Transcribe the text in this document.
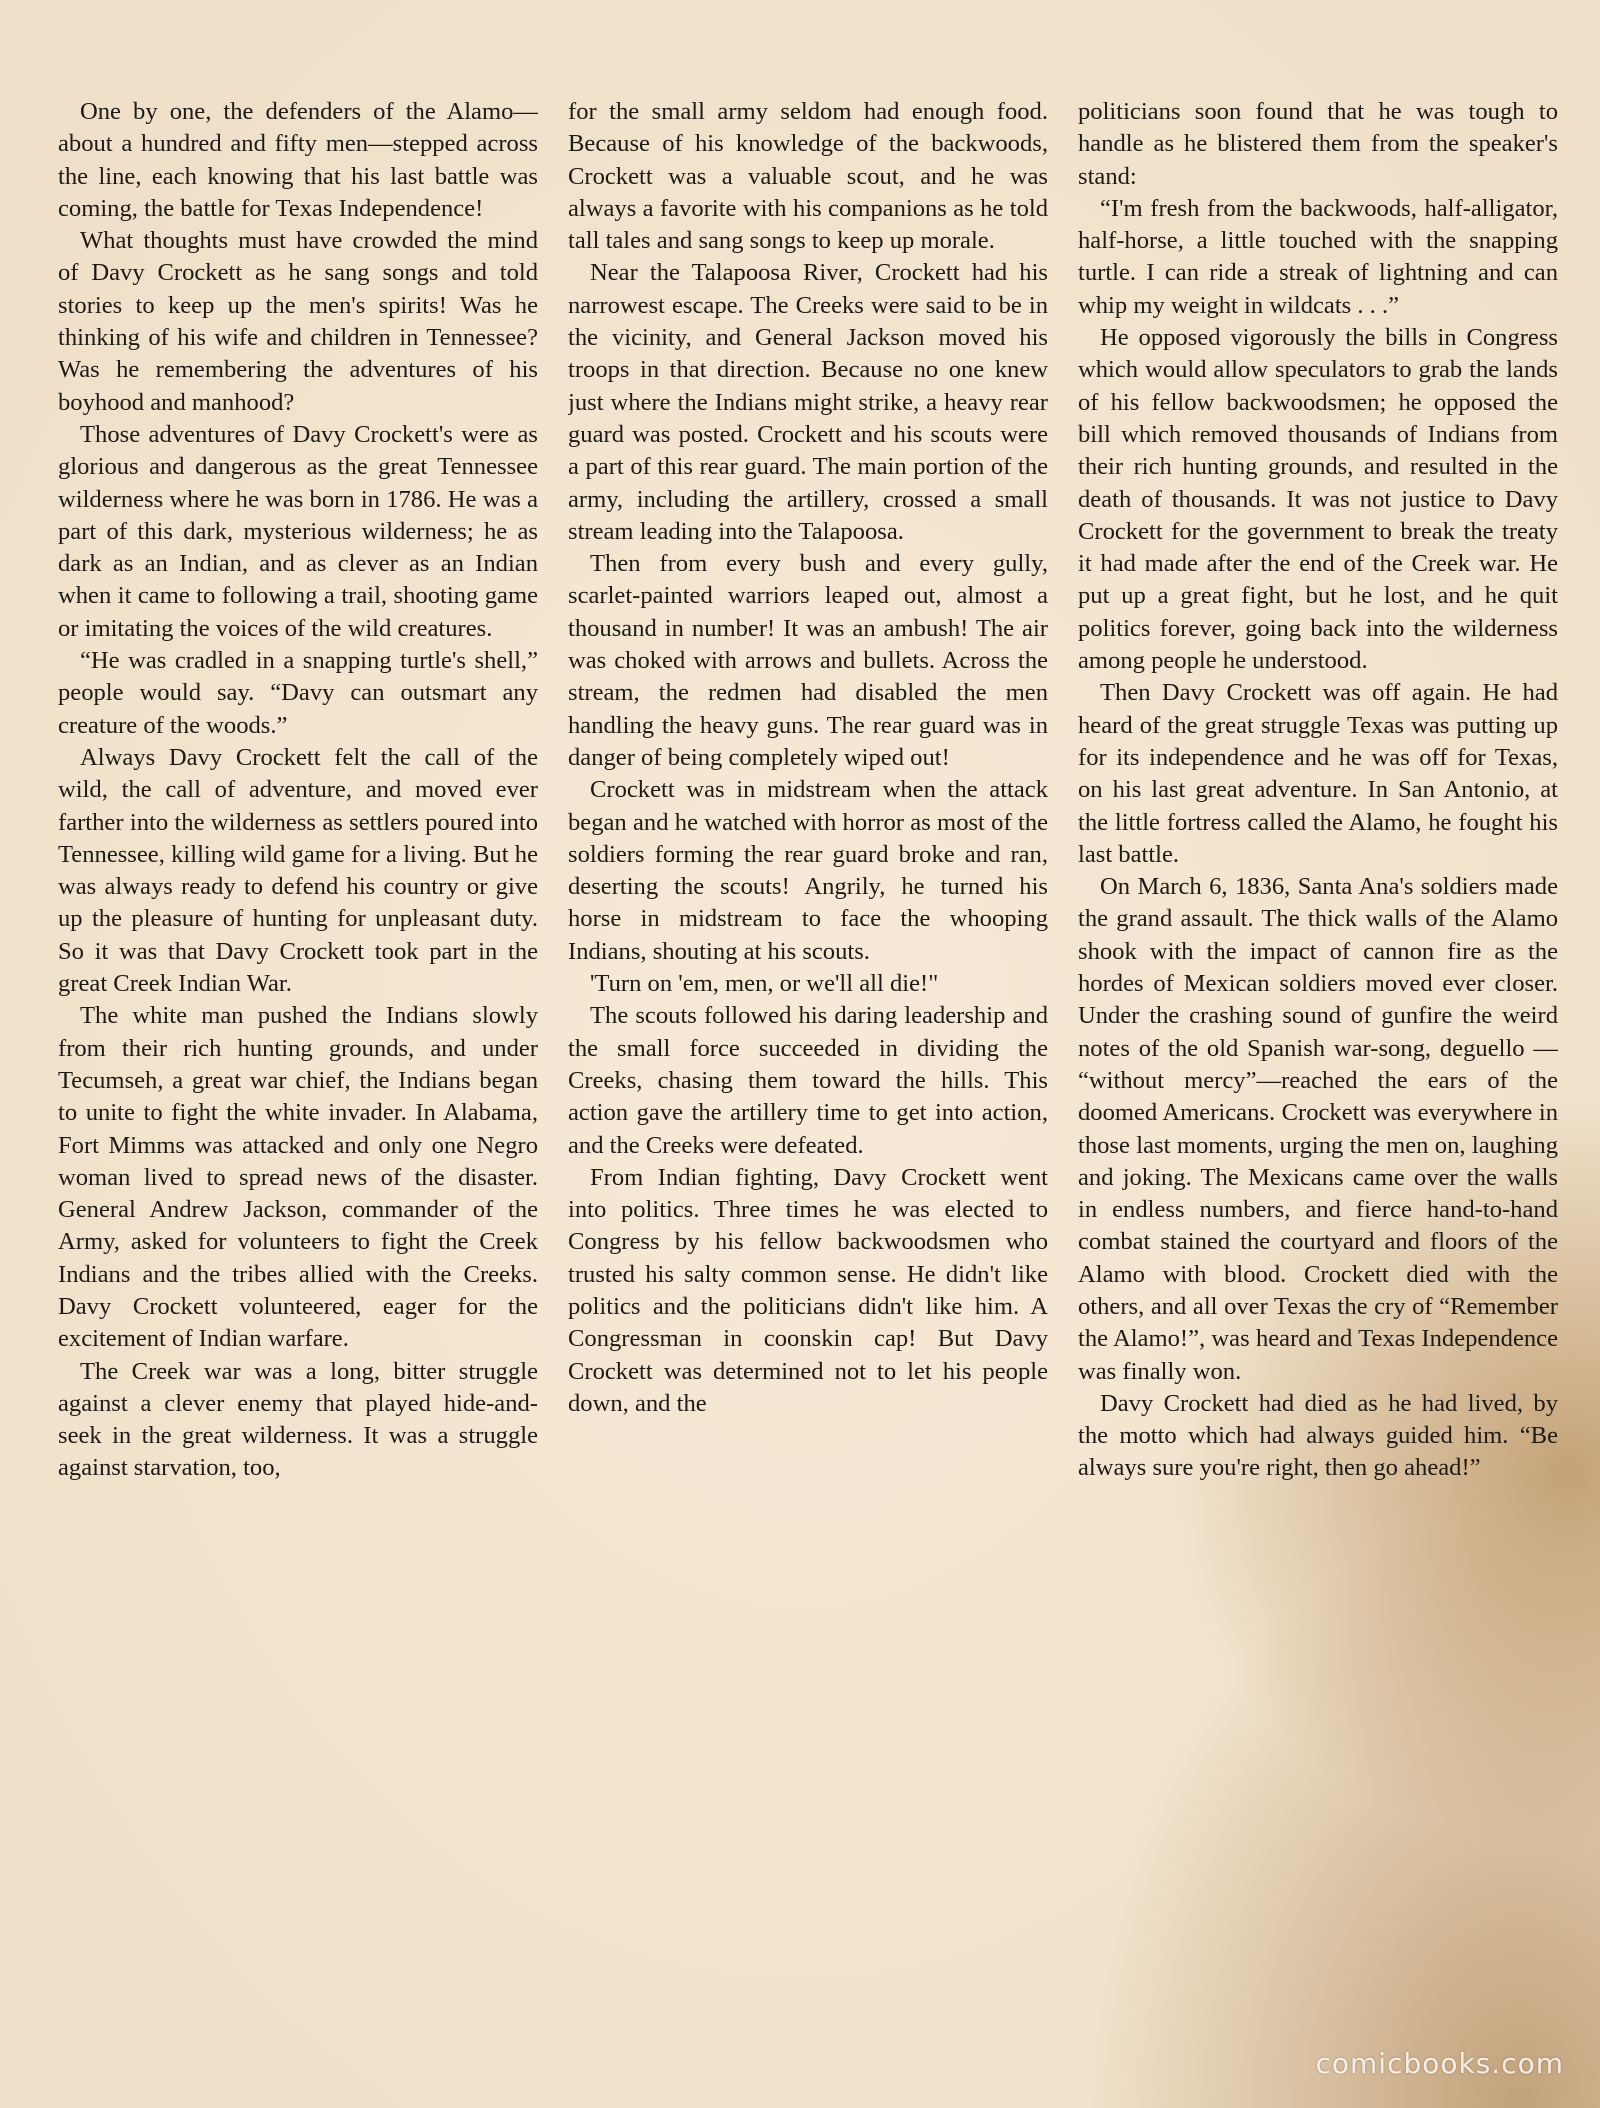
One by one, the defenders of the Alamo—about a hundred and fifty men—stepped across the line, each knowing that his last battle was coming, the battle for Texas Independence!

What thoughts must have crowded the mind of Davy Crockett as he sang songs and told stories to keep up the men's spirits! Was he thinking of his wife and children in Tennessee? Was he remembering the adventures of his boyhood and manhood?

Those adventures of Davy Crockett's were as glorious and dangerous as the great Tennessee wilderness where he was born in 1786. He was a part of this dark, mysterious wilderness; he as dark as an Indian, and as clever as an Indian when it came to following a trail, shooting game or imitating the voices of the wild creatures.

“He was cradled in a snapping turtle's shell,” people would say. “Davy can outsmart any creature of the woods.”

Always Davy Crockett felt the call of the wild, the call of adventure, and moved ever farther into the wilderness as settlers poured into Tennessee, killing wild game for a living. But he was always ready to defend his country or give up the pleasure of hunting for unpleasant duty. So it was that Davy Crockett took part in the great Creek Indian War.

The white man pushed the Indians slowly from their rich hunting grounds, and under Tecumseh, a great war chief, the Indians began to unite to fight the white invader. In Alabama, Fort Mimms was attacked and only one Negro woman lived to spread news of the disaster. General Andrew Jackson, commander of the Army, asked for volunteers to fight the Creek Indians and the tribes allied with the Creeks. Davy Crockett volunteered, eager for the excitement of Indian warfare.

The Creek war was a long, bitter struggle against a clever enemy that played hide-and-seek in the great wilderness. It was a struggle against starvation, too,

for the small army seldom had enough food. Because of his knowledge of the backwoods, Crockett was a valuable scout, and he was always a favorite with his companions as he told tall tales and sang songs to keep up morale.

Near the Talapoosa River, Crockett had his narrowest escape. The Creeks were said to be in the vicinity, and General Jackson moved his troops in that direction. Because no one knew just where the Indians might strike, a heavy rear guard was posted. Crockett and his scouts were a part of this rear guard. The main portion of the army, including the artillery, crossed a small stream leading into the Talapoosa.

Then from every bush and every gully, scarlet-painted warriors leaped out, almost a thousand in number! It was an ambush! The air was choked with arrows and bullets. Across the stream, the redmen had disabled the men handling the heavy guns. The rear guard was in danger of being completely wiped out!

Crockett was in midstream when the attack began and he watched with horror as most of the soldiers forming the rear guard broke and ran, deserting the scouts! Angrily, he turned his horse in midstream to face the whooping Indians, shouting at his scouts.

'Turn on 'em, men, or we'll all die!"

The scouts followed his daring leadership and the small force succeeded in dividing the Creeks, chasing them toward the hills. This action gave the artillery time to get into action, and the Creeks were defeated.

From Indian fighting, Davy Crockett went into politics. Three times he was elected to Congress by his fellow backwoodsmen who trusted his salty common sense. He didn't like politics and the politicians didn't like him. A Congressman in coonskin cap! But Davy Crockett was determined not to let his people down, and the

politicians soon found that he was tough to handle as he blistered them from the speaker's stand:

“I'm fresh from the backwoods, half-alligator, half-horse, a little touched with the snapping turtle. I can ride a streak of lightning and can whip my weight in wildcats . . .”

He opposed vigorously the bills in Congress which would allow speculators to grab the lands of his fellow backwoodsmen; he opposed the bill which removed thousands of Indians from their rich hunting grounds, and resulted in the death of thousands. It was not justice to Davy Crockett for the government to break the treaty it had made after the end of the Creek war. He put up a great fight, but he lost, and he quit politics forever, going back into the wilderness among people he understood.

Then Davy Crockett was off again. He had heard of the great struggle Texas was putting up for its independence and he was off for Texas, on his last great adventure. In San Antonio, at the little fortress called the Alamo, he fought his last battle.

On March 6, 1836, Santa Ana's soldiers made the grand assault. The thick walls of the Alamo shook with the impact of cannon fire as the hordes of Mexican soldiers moved ever closer. Under the crashing sound of gunfire the weird notes of the old Spanish war-song, deguello — “without mercy”—reached the ears of the doomed Americans. Crockett was everywhere in those last moments, urging the men on, laughing and joking. The Mexicans came over the walls in endless numbers, and fierce hand-to-hand combat stained the courtyard and floors of the Alamo with blood. Crockett died with the others, and all over Texas the cry of “Remember the Alamo!”, was heard and Texas Independence was finally won.

Davy Crockett had died as he had lived, by the motto which had always guided him. “Be always sure you're right, then go ahead!”

comicbooks.com
